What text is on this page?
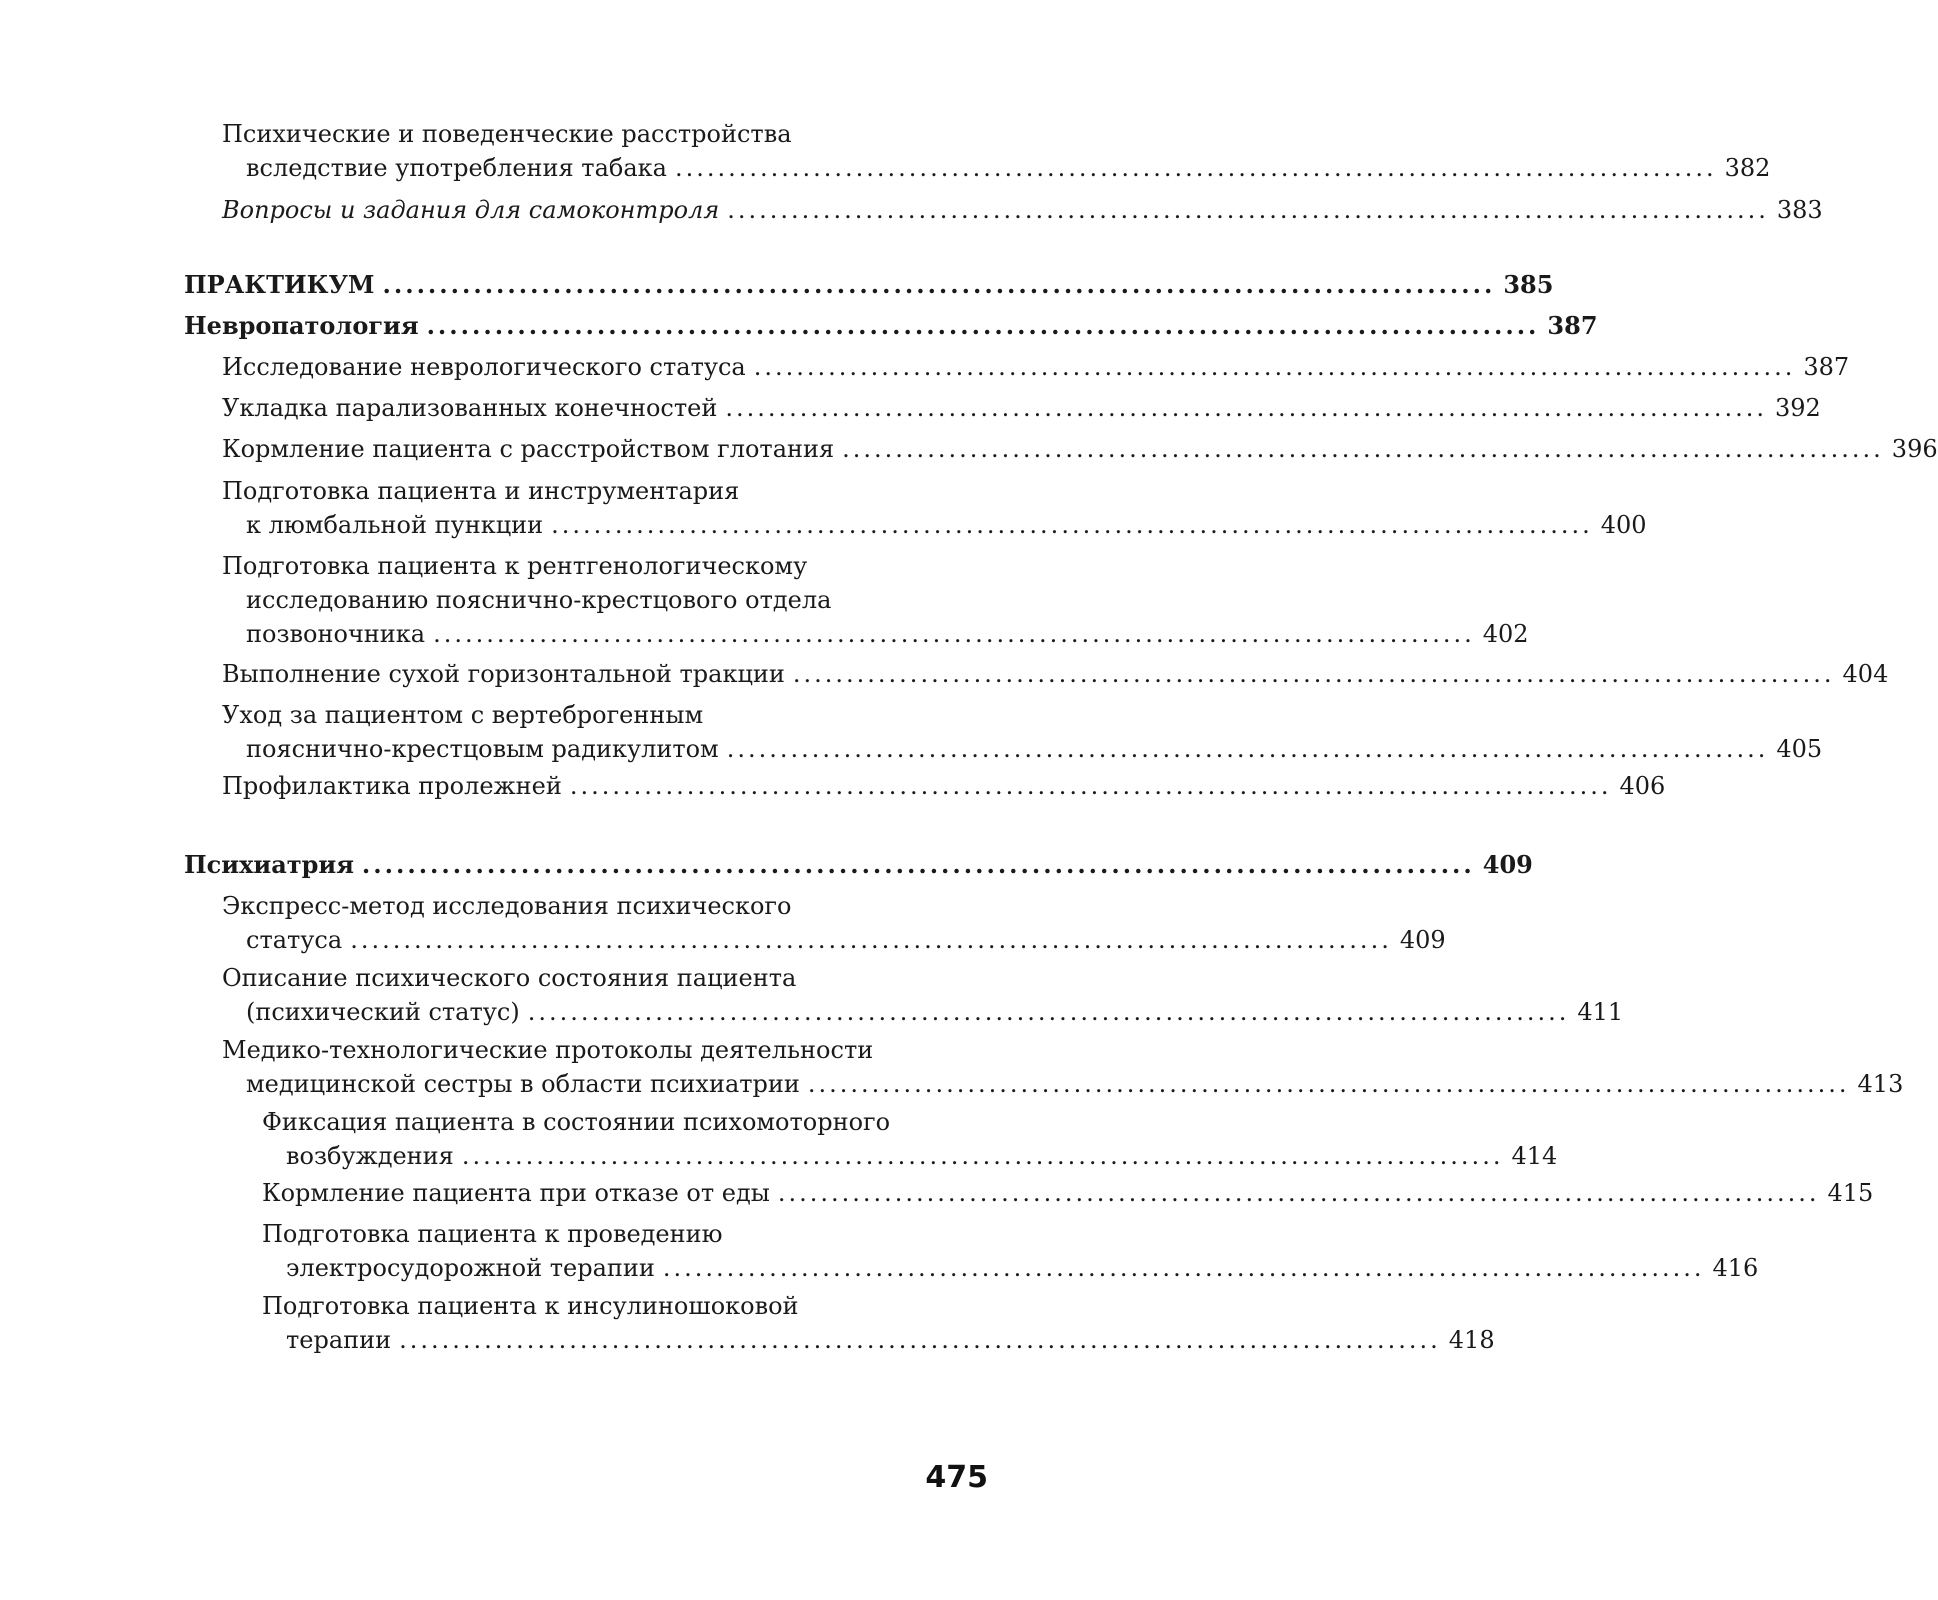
Психические и поведенческие расстройства
вследствие употребления табака .................................................................................................. 382
Вопросы и задания для самоконтроля .................................................................................................. 383
ПРАКТИКУМ .................................................................................................. 385
Невропатология .................................................................................................. 387
Исследование неврологического статуса .................................................................................................. 387
Укладка парализованных конечностей .................................................................................................. 392
Кормление пациента с расстройством глотания .................................................................................................. 396
Подготовка пациента и инструментария
к люмбальной пункции .................................................................................................. 400
Подготовка пациента к рентгенологическому
исследованию пояснично-крестцового отдела
позвоночника .................................................................................................. 402
Выполнение сухой горизонтальной тракции .................................................................................................. 404
Уход за пациентом с вертеброгенным
пояснично-крестцовым радикулитом .................................................................................................. 405
Профилактика пролежней .................................................................................................. 406
Психиатрия .................................................................................................. 409
Экспресс-метод исследования психического
статуса .................................................................................................. 409
Описание психического состояния пациента
(психический статус) .................................................................................................. 411
Медико-технологические протоколы деятельности
медицинской сестры в области психиатрии .................................................................................................. 413
Фиксация пациента в состоянии психомоторного
возбуждения .................................................................................................. 414
Кормление пациента при отказе от еды .................................................................................................. 415
Подготовка пациента к проведению
электросудорожной терапии .................................................................................................. 416
Подготовка пациента к инсулиношоковой
терапии .................................................................................................. 418
475
